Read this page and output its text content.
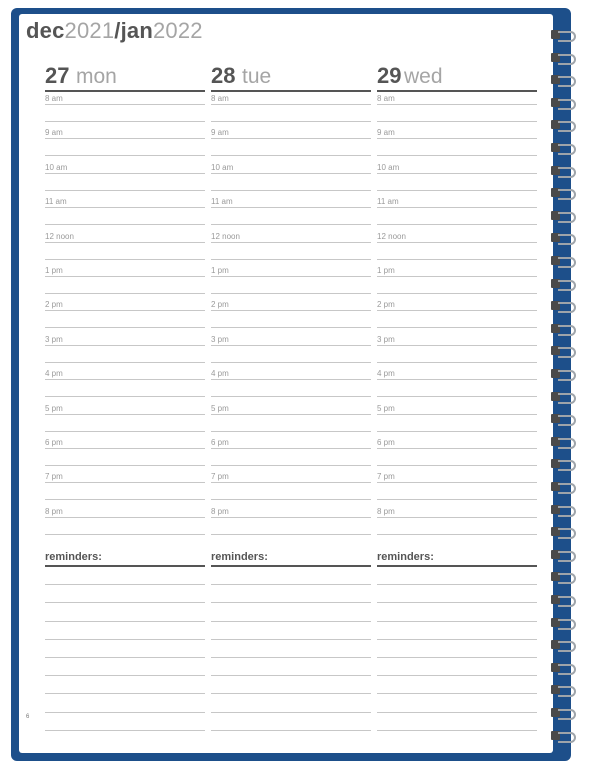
dec2021/jan2022
27 mon
8 am
9 am
10 am
11 am
12 noon
1 pm
2 pm
3 pm
4 pm
5 pm
6 pm
7 pm
8 pm
reminders:
28 tue
8 am
9 am
10 am
11 am
12 noon
1 pm
2 pm
3 pm
4 pm
5 pm
6 pm
7 pm
8 pm
reminders:
29 wed
8 am
9 am
10 am
11 am
12 noon
1 pm
2 pm
3 pm
4 pm
5 pm
6 pm
7 pm
8 pm
reminders:
6
